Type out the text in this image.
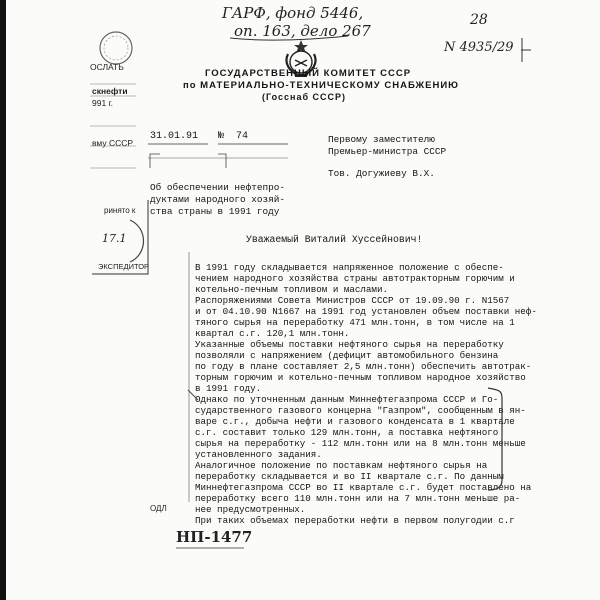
ГАРФ, фонд 5446,
оп. 163, дело 267
28
N 4935/29
ГОСУДАРСТВЕННЫЙ КОМИТЕТ СССР
по МАТЕРИАЛЬНО-ТЕХНИЧЕСКОМУ СНАБЖЕНИЮ
(Госснаб СССР)
ОСЛАТЬ
скнефти
991 г.
вму СССР
ринято к
17.1
ЭКСПЕДИТОР
31.01.91 № 74	Первому заместителю
Премьер-министра СССР
Тов. Догужиеву В.Х.
Об обеспечении нефтепро-
дуктами народного хозяй-
ства страны в 1991 году
Уважаемый Виталий Хуссейнович!
В 1991 году складывается напряженное положение с обеспе-
чением народного хозяйства страны автотракторным горючим и
котельно-печным топливом и маслами.
Распоряжениями Совета Министров СССР от 19.09.90 г. N1567
и от 04.10.90 N1667 на 1991 год установлен объем поставки неф-
тяного сырья на переработку 471 млн.тонн, в том числе на 1
квартал с.г. 120,1 млн.тонн.
Указанные объемы поставки нефтяного сырья на переработку
позволяли с напряжением (дефицит автомобильного бензина
по году в плане составляет 2,5 млн.тонн) обеспечить автотрак-
торным горючим и котельно-печным топливом народное хозяйство
в 1991 году.
Однако по уточненным данным Миннефтегазпрома СССР и Го-
сударственного газового концерна "Газпром", сообщенным в ян-
варе с.г., добыча нефти и газового конденсата в 1 квартале
с.г. составит только 129 млн.тонн, а поставка нефтяного
сырья на переработку - 112 млн.тонн или на 8 млн.тонн меньше
установленного задания.
Аналогичное положение по поставкам нефтяного сырья на
переработку складывается и во II квартале с.г. По данным
Миннефтегазпрома СССР во II квартале с.г. будет поставлено на
переработку всего 110 млн.тонн или на 7 млн.тонн меньше ра-
нее предусмотренных.
При таких объемах переработки нефти в первом полугодии с.г
ОДЛ
НП-1477
